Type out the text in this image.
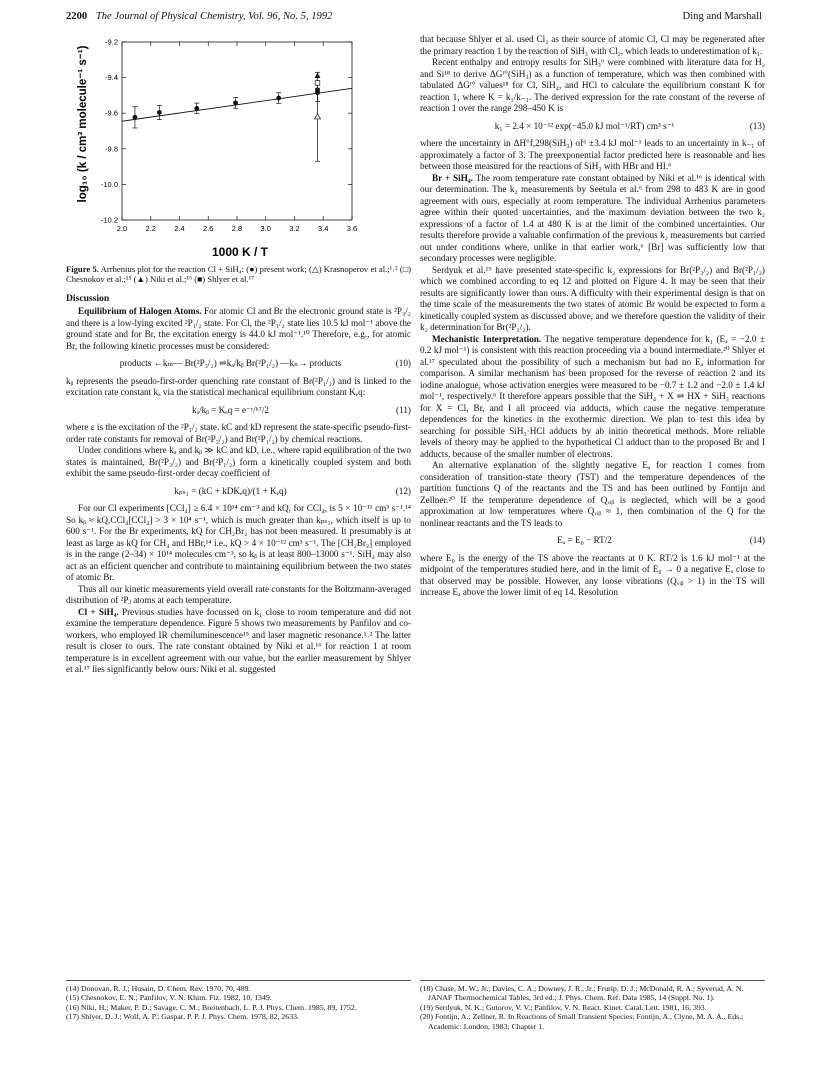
2200 The Journal of Physical Chemistry, Vol. 96, No. 5, 1992	Ding and Marshall
2.0 2.2 2.4 2.6 2.8 3.0 3.2 3.4 3.6
-9.2
-9.4
-9.6
-9.8
-10.0
-10.2
log₁₀ (k / cm³ molecule⁻¹ s⁻¹)
1000 K / T
Figure 5. Arrhenius plot for the reaction Cl + SiH₄: (●) present work; (△) Krasnoperov et al.;¹˒² (□) Chesnokov et al.;¹⁵ (▲) Niki et al.;¹⁶ (■) Shlyer et al.¹⁷
Discussion

Equilibrium of Halogen Atoms. For atomic Cl and Br the electronic ground state is ²P₃/₂ and there is a low-lying excited ²P₁/₂ state. For Cl, the ²P₁/₂ state lies 10.5 kJ mol⁻¹ above the ground state and for Br, the excitation energy is 44.0 kJ mol⁻¹.¹⁰ Therefore, e.g., for atomic Br, the following kinetic processes must be considered:

products ←kₘ— Br(²P₃/₂) ⇌kₐ/kᵦ Br(²P₁/₂) —kₙ→ products	(10)

kᵦ represents the pseudo-first-order quenching rate constant of Br(²P₁/₂) and is linked to the excitation rate constant kₐ via the statistical mechanical equilibrium constant Kₑq:

kₐ/kᵦ = Kₑq = e⁻ᵋ/ᵏᵀ/2	(11)

where ε is the excitation of the ²P₁/₂ state. kC and kD represent the state-specific pseudo-first-order rate constants for removal of Br(²P₃/₂) and Br(²P₁/₂) by chemical reactions.

Under conditions where kₐ and kᵦ ≫ kC and kD, i.e., where rapid equilibration of the two states is maintained, Br(²P₃/₂) and Br(²P₁/₂) form a kinetically coupled system and both exhibit the same pseudo-first-order decay coefficient of

kₚₛ₁ = (kC + kDKₑq)/(1 + Kₑq)	(12)

For our Cl experiments [CCl₄] ≥ 6.4 × 10¹⁴ cm⁻³ and kQ, for CCl₄, is 5 × 10⁻¹¹ cm³ s⁻¹.¹⁴ So kᵦ ≈ kQ,CCl₄[CCl₄] > 3 × 10⁴ s⁻¹, which is much greater than kₚₛ₁, which itself is up to 600 s⁻¹. For the Br experiments, kQ for CH₂Br₂ has not been measured. It presumably is at least as large as kQ for CH₄ and HBr,¹⁴ i.e., kQ > 4 × 10⁻¹² cm³ s⁻¹. The [CH₂Br₂] employed is in the range (2–34) × 10¹⁴ molecules cm⁻³, so kᵦ is at least 800–13000 s⁻¹. SiH₄ may also act as an efficient quencher and contribute to maintaining equilibrium between the two states of atomic Br.

Thus all our kinetic measurements yield overall rate constants for the Boltzmann-averaged distribution of ²Pⱼ atoms at each temperature.

Cl + SiH₄. Previous studies have focussed on k₁ close to room temperature and did not examine the temperature dependence. Figure 5 shows two measurements by Panfilov and co-workers, who employed IR chemiluminescence¹⁵ and laser magnetic resonance.¹˒² The latter result is closer to ours. The rate constant obtained by Niki et al.¹⁶ for reaction 1 at room temperature is in excellent agreement with our value, but the earlier measurement by Shlyer et al.¹⁷ lies significantly below ours. Niki et al. suggested

that because Shlyer et al. used Cl₂ as their source of atomic Cl, Cl may be regenerated after the primary reaction 1 by the reaction of SiH₃ with Cl₂, which leads to underestimation of k₁.

Recent enthalpy and entropy results for SiH₃⁶ were combined with literature data for H₂ and Si¹⁸ to derive ΔGᶠ°(SiH₃) as a function of temperature, which was then combined with tabulated ΔGᶠ° values¹⁸ for Cl, SiH₄, and HCl to calculate the equilibrium constant K for reaction 1, where K = k₁/k₋₁. The derived expression for the rate constant of the reverse of reaction 1 over the range 298–450 K is

k₁ = 2.4 × 10⁻¹² exp(−45.0 kJ mol⁻¹/RT) cm³ s⁻¹	(13)

where the uncertainty in ΔH°f,298(SiH₃) of⁶ ±3.4 kJ mol⁻¹ leads to an uncertainty in k₋₁ of approximately a factor of 3. The preexponential factor predicted here is reasonable and lies between those measured for the reactions of SiH₃ with HBr and HI.⁶

Br + SiH₄. The room temperature rate constant obtained by Niki et al.¹⁶ is identical with our determination. The k₂ measurements by Seetula et al.⁶ from 298 to 483 K are in good agreement with ours, especially at room temperature. The individual Arrhenius parameters agree within their quoted uncertainties, and the maximum deviation between the two k₂ expressions of a factor of 1.4 at 480 K is at the limit of the combined uncertainties. Our results therefore provide a valuable confirmation of the previous k₂ measurements but carried out under conditions where, unlike in that earlier work,⁶ [Br] was sufficiently low that secondary processes were negligible.

Serdyuk et al.¹⁹ have presented state-specific k₂ expressions for Br(²P₃/₂) and Br(²P₁/₂) which we combined according to eq 12 and plotted on Figure 4. It may be seen that their results are significantly lower than ours. A difficulty with their experimental design is that on the time scale of the measurements the two states of atomic Br would be expected to form a kinetically coupled system as discussed above, and we therefore question the validity of their k₂ determination for Br(²P₁/₂).

Mechanistic Interpretation. The negative temperature dependence for k₁ (Eₐ = −2.0 ± 0.2 kJ mol⁻¹) is consistent with this reaction proceeding via a bound intermediate.²⁰ Shlyer et al.¹⁷ speculated about the possibility of such a mechanism but had no Eₐ information for comparison. A similar mechanism has been proposed for the reverse of reaction 2 and its iodine analogue, whose activation energies were measured to be −0.7 ± 1.2 and −2.0 ± 1.4 kJ mol⁻¹, respectively.⁶ It therefore appears possible that the SiH₄ + X ⇌ HX + SiH₃ reactions for X = Cl, Br, and I all proceed via adducts, which cause the negative temperature dependences for the kinetics in the exothermic direction. We plan to test this idea by searching for possible SiH₃·HCl adducts by ab initio theoretical methods. More reliable levels of theory may be applied to the hypothetical Cl adduct than to the proposed Br and I adducts, because of the smaller number of electrons.

An alternative explanation of the slightly negative Eₐ for reaction 1 comes from consideration of transition-state theory (TST) and the temperature dependences of the partition functions Q of the reactants and the TS and has been outlined by Fontijn and Zellner.²⁰ If the temperature dependence of Qᵥᵢᵦ is neglected, which will be a good approximation at low temperatures where Qᵥᵢᵦ ≈ 1, then combination of the Q for the nonlinear reactants and the TS leads to

Eₐ = E₀ − RT/2	(14)

where E₀ is the energy of the TS above the reactants at 0 K. RT/2 is 1.6 kJ mol⁻¹ at the midpoint of the temperatures studied here, and in the limit of E₀ → 0 a negative Eₐ close to that observed may be possible. However, any loose vibrations (Qᵥᵢᵦ > 1) in the TS will increase Eₐ above the lower limit of eq 14. Resolution

(14) Donovan, R. J.; Husain, D. Chem. Rev. 1970, 70, 489.
(15) Chesnokov, E. N.; Panfilov, V. N. Khim. Fiz. 1982, 10, 1349.
(16) Niki, H.; Maker, P. D.; Savage, C. M.; Breitenbach, L. P. J. Phys. Chem. 1985, 89, 1752.
(17) Shlyer, D. J.; Wolf, A. P.; Gaspar, P. P. J. Phys. Chem. 1978, 82, 2633.
(18) Chase, M. W., Jr.; Davies, C. A.; Downey, J. R., Jr.; Frurip, D. J.; McDonald, R. A.; Syverud, A. N. JANAF Thermochemical Tables, 3rd ed.; J. Phys. Chem. Ref. Data 1985, 14 (Suppl. No. 1).
(19) Serdyuk, N. K.; Gutorov, V. V.; Panfilov, V. N. React. Kinet. Catal. Lett. 1981, 16, 393.
(20) Fontijn, A.; Zellner, R. In Reactions of Small Transient Species; Fontijn, A., Clyne, M. A. A., Eds.; Academic: London, 1983; Chapter 1.
